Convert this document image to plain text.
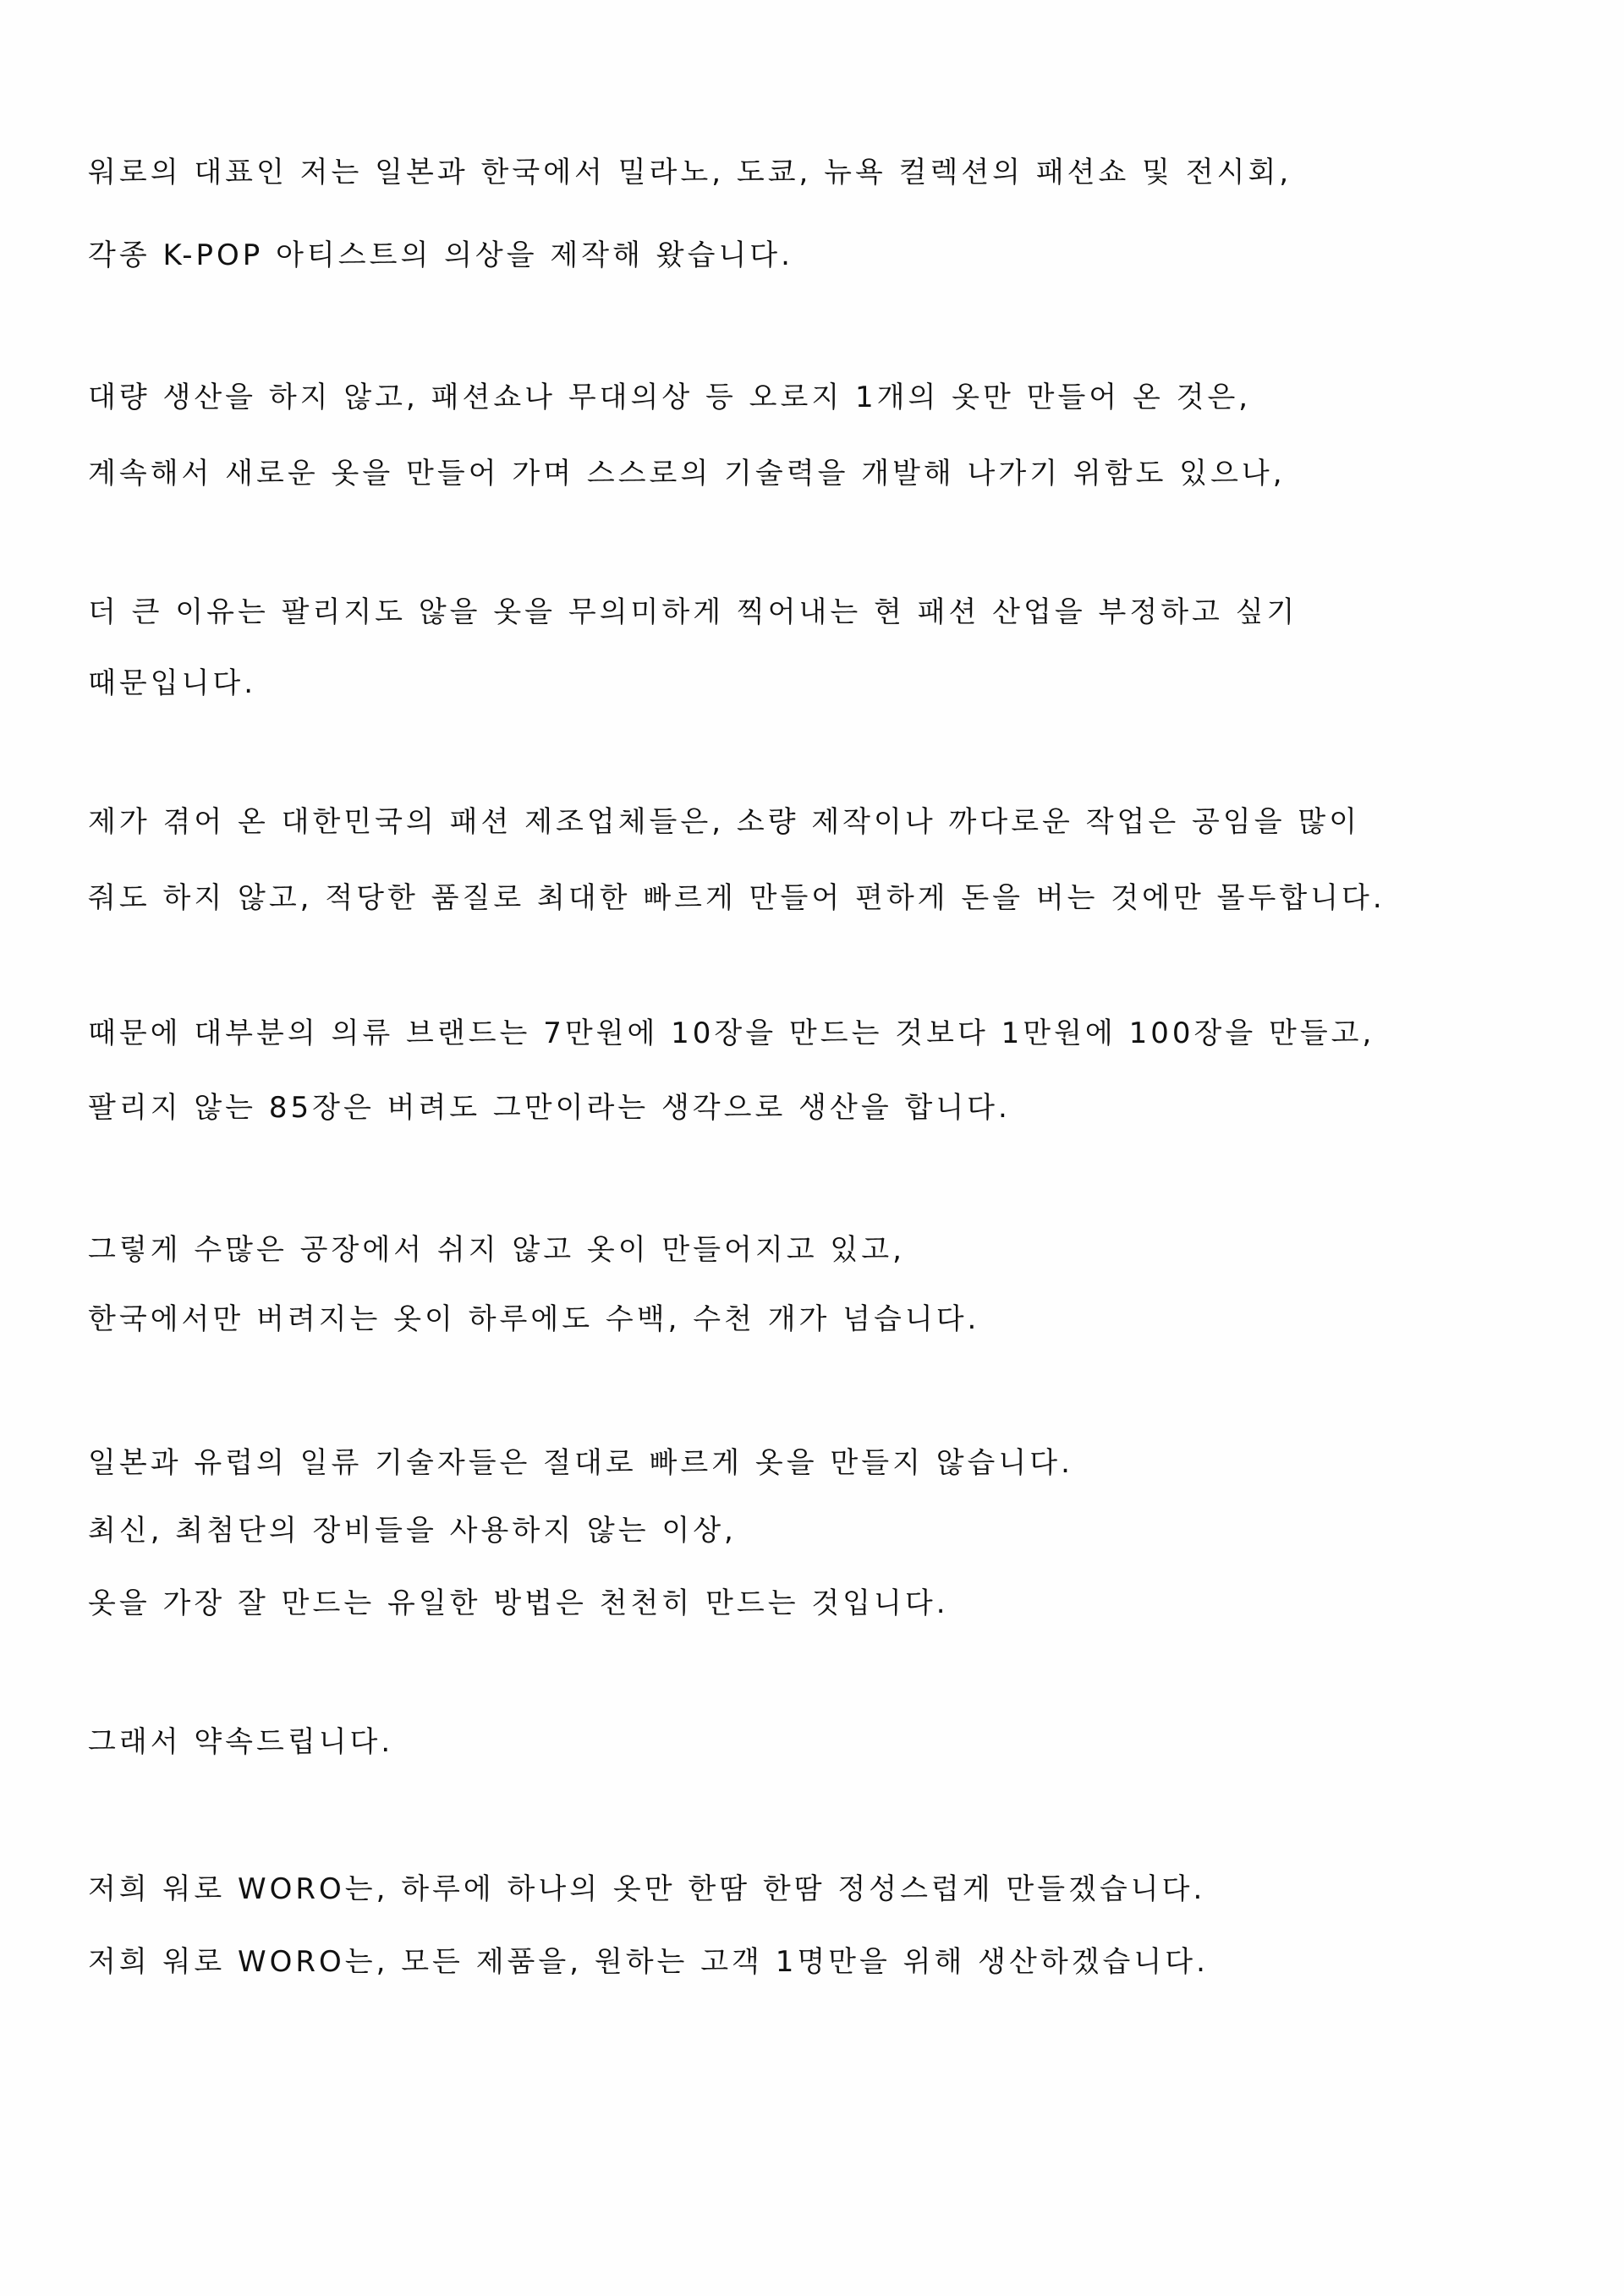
워로의 대표인 저는 일본과 한국에서 밀라노, 도쿄, 뉴욕 컬렉션의 패션쇼 및 전시회,

각종 K-POP 아티스트의 의상을 제작해 왔습니다.

대량 생산을 하지 않고, 패션쇼나 무대의상 등 오로지 1개의 옷만 만들어 온 것은,

계속해서 새로운 옷을 만들어 가며 스스로의 기술력을 개발해 나가기 위함도 있으나,

더 큰 이유는 팔리지도 않을 옷을 무의미하게 찍어내는 현 패션 산업을 부정하고 싶기

때문입니다.

제가 겪어 온 대한민국의 패션 제조업체들은, 소량 제작이나 까다로운 작업은 공임을 많이

줘도 하지 않고, 적당한 품질로 최대한 빠르게 만들어 편하게 돈을 버는 것에만 몰두합니다.

때문에 대부분의 의류 브랜드는 7만원에 10장을 만드는 것보다 1만원에 100장을 만들고,

팔리지 않는 85장은 버려도 그만이라는 생각으로 생산을 합니다.

그렇게 수많은 공장에서 쉬지 않고 옷이 만들어지고 있고,

한국에서만 버려지는 옷이 하루에도 수백, 수천 개가 넘습니다.

일본과 유럽의 일류 기술자들은 절대로 빠르게 옷을 만들지 않습니다.

최신, 최첨단의 장비들을 사용하지 않는 이상,

옷을 가장 잘 만드는 유일한 방법은 천천히 만드는 것입니다.

그래서 약속드립니다.

저희 워로 WORO는, 하루에 하나의 옷만 한땀 한땀 정성스럽게 만들겠습니다.

저희 워로 WORO는, 모든 제품을, 원하는 고객 1명만을 위해 생산하겠습니다.
